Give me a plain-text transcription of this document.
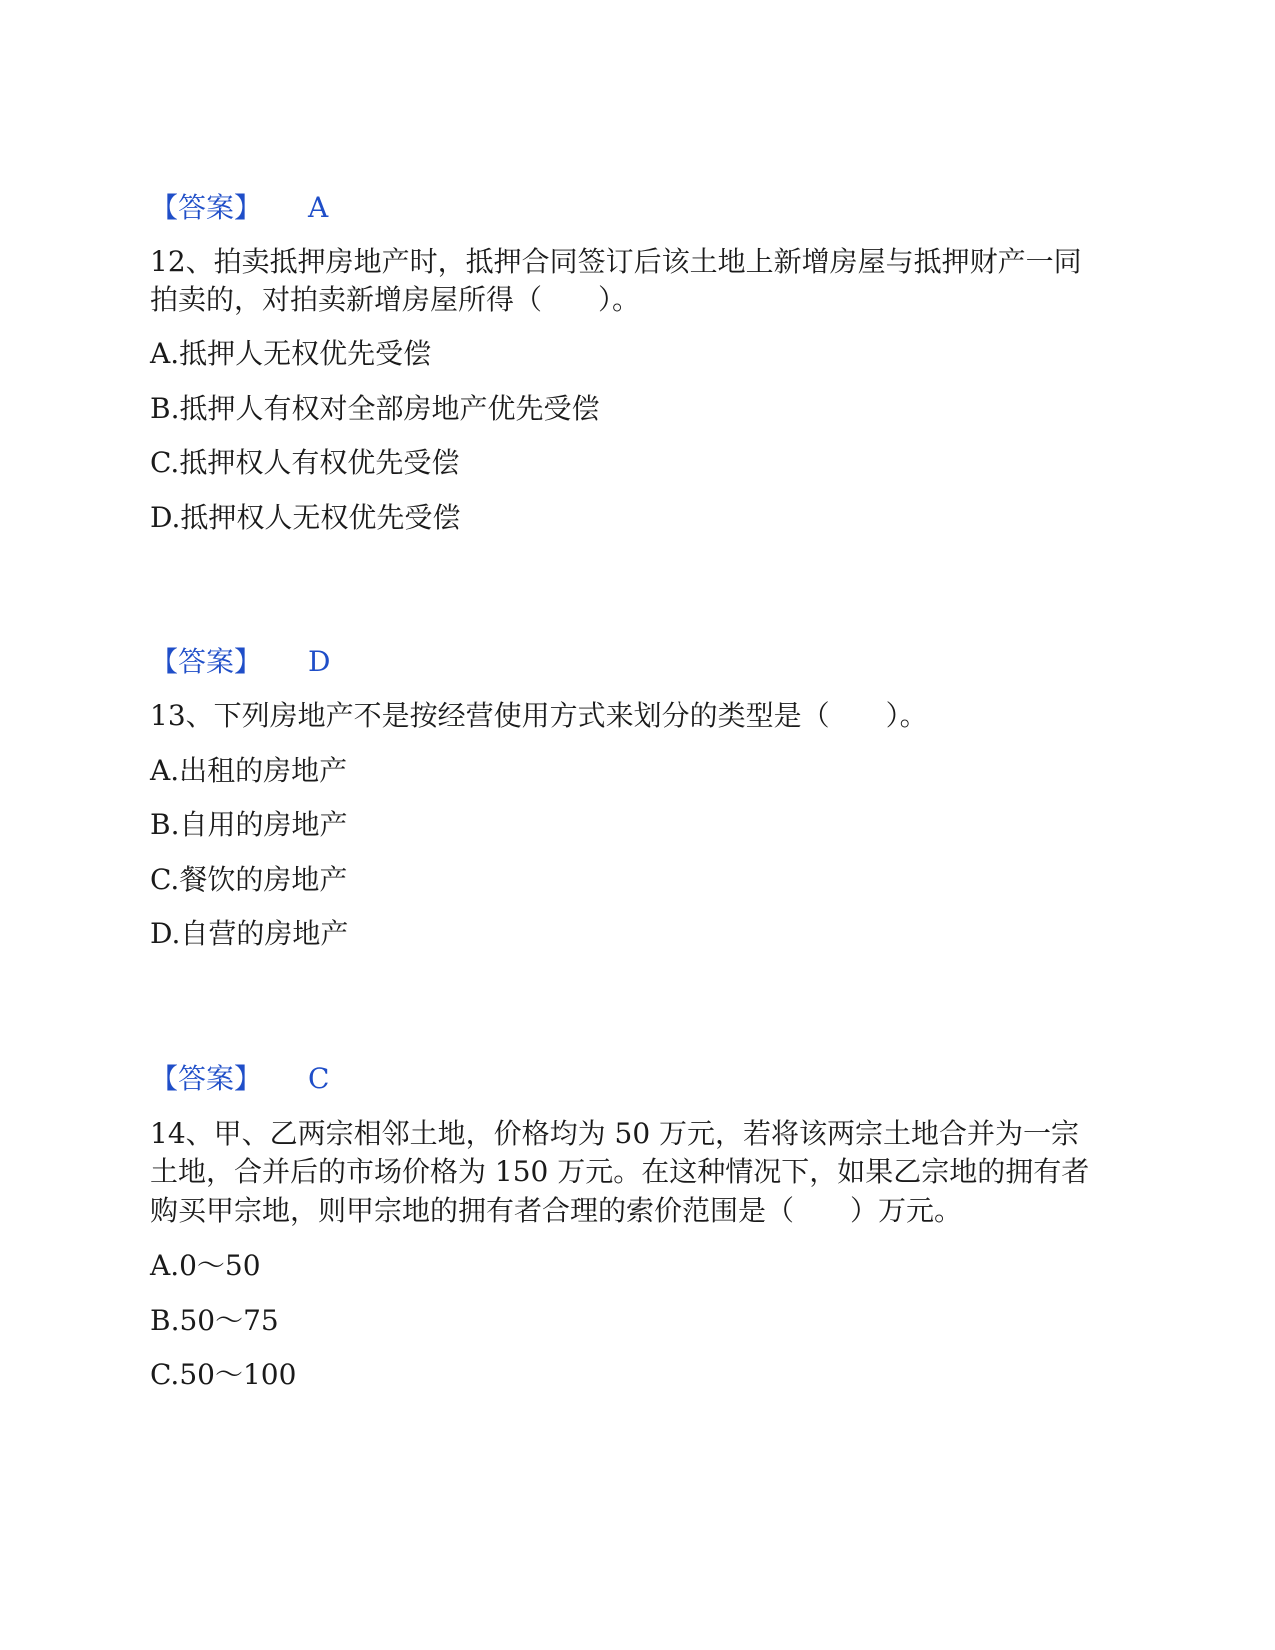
【答案】 A

12、拍卖抵押房地产时，抵押合同签订后该土地上新增房屋与抵押财产一同

拍卖的，对拍卖新增房屋所得（　　）。

A.抵押人无权优先受偿

B.抵押人有权对全部房地产优先受偿

C.抵押权人有权优先受偿

D.抵押权人无权优先受偿

【答案】 D

13、下列房地产不是按经营使用方式来划分的类型是（　　）。

A.出租的房地产

B.自用的房地产

C.餐饮的房地产

D.自营的房地产

【答案】 C

14、甲、乙两宗相邻土地，价格均为 50 万元，若将该两宗土地合并为一宗

土地，合并后的市场价格为 150 万元。在这种情况下，如果乙宗地的拥有者

购买甲宗地，则甲宗地的拥有者合理的索价范围是（　　）万元。

A.0～50

B.50～75

C.50～100
